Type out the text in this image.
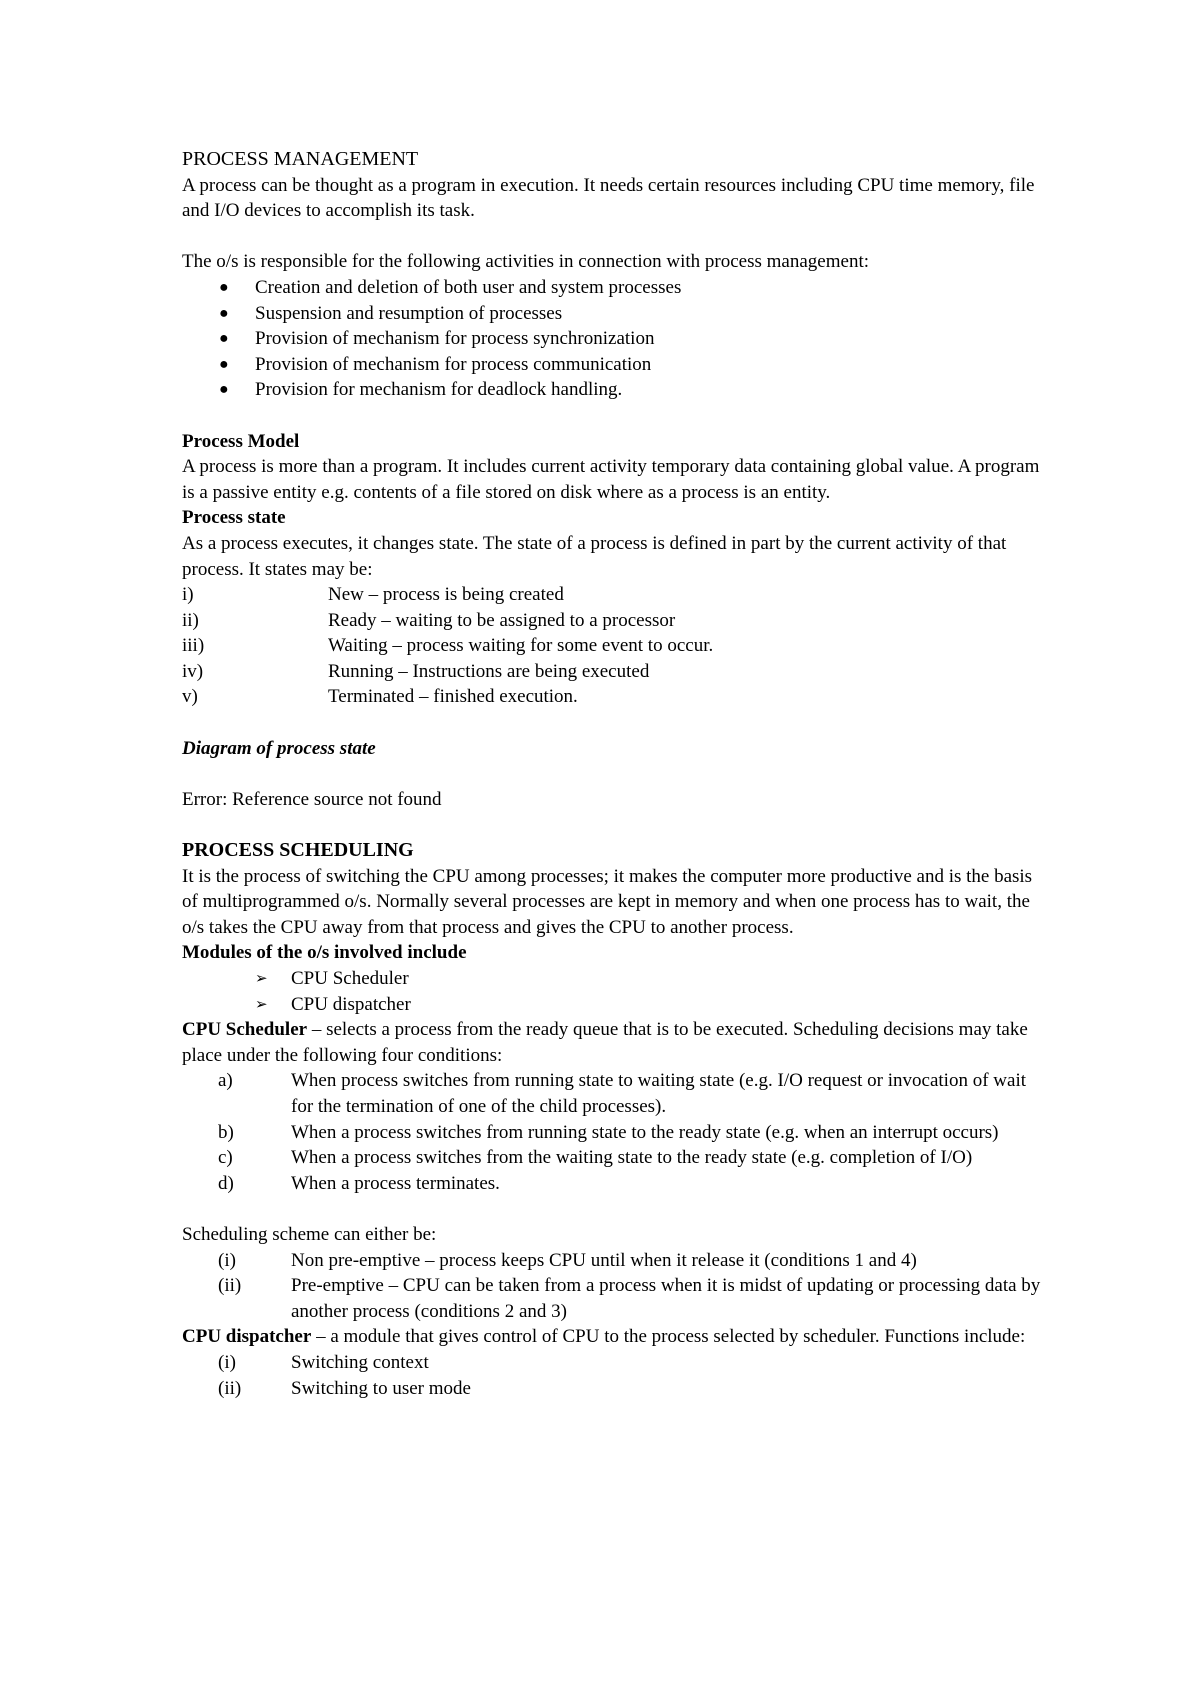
PROCESS MANAGEMENT

A process can be thought as a program in execution. It needs certain resources including CPU time memory, file and I/O devices to accomplish its task.

The o/s is responsible for the following activities in connection with process management:

● Creation and deletion of both user and system processes
● Suspension and resumption of processes
● Provision of mechanism for process synchronization
● Provision of mechanism for process communication
● Provision for mechanism for deadlock handling.

Process Model

A process is more than a program. It includes current activity temporary data containing global value. A program is a passive entity e.g. contents of a file stored on disk where as a process is an entity.

Process state

As a process executes, it changes state. The state of a process is defined in part by the current activity of that process. It states may be:

i)	New – process is being created
ii)	Ready – waiting to be assigned to a processor
iii)	Waiting – process waiting for some event to occur.
iv)	Running – Instructions are being executed
v)	Terminated – finished execution.

Diagram of process state

Error: Reference source not found

PROCESS SCHEDULING

It is the process of switching the CPU among processes; it makes the computer more productive and is the basis of multiprogrammed o/s. Normally several processes are kept in memory and when one process has to wait, the o/s takes the CPU away from that process and gives the CPU to another process.

Modules of the o/s involved include

➢ CPU Scheduler
➢ CPU dispatcher

CPU Scheduler – selects a process from the ready queue that is to be executed. Scheduling decisions may take place under the following four conditions:

a)	When process switches from running state to waiting state (e.g. I/O request or invocation of wait for the termination of one of the child processes).
b)	When a process switches from running state to the ready state (e.g. when an interrupt occurs)
c)	When a process switches from the waiting state to the ready state (e.g. completion of I/O)
d)	When a process terminates.

Scheduling scheme can either be:

(i)	Non pre-emptive – process keeps CPU until when it release it (conditions 1 and 4)
(ii)	Pre-emptive – CPU can be taken from a process when it is midst of updating or processing data by another process (conditions 2 and 3)

CPU dispatcher – a module that gives control of CPU to the process selected by scheduler. Functions include:

(i)	Switching context
(ii)	Switching to user mode
